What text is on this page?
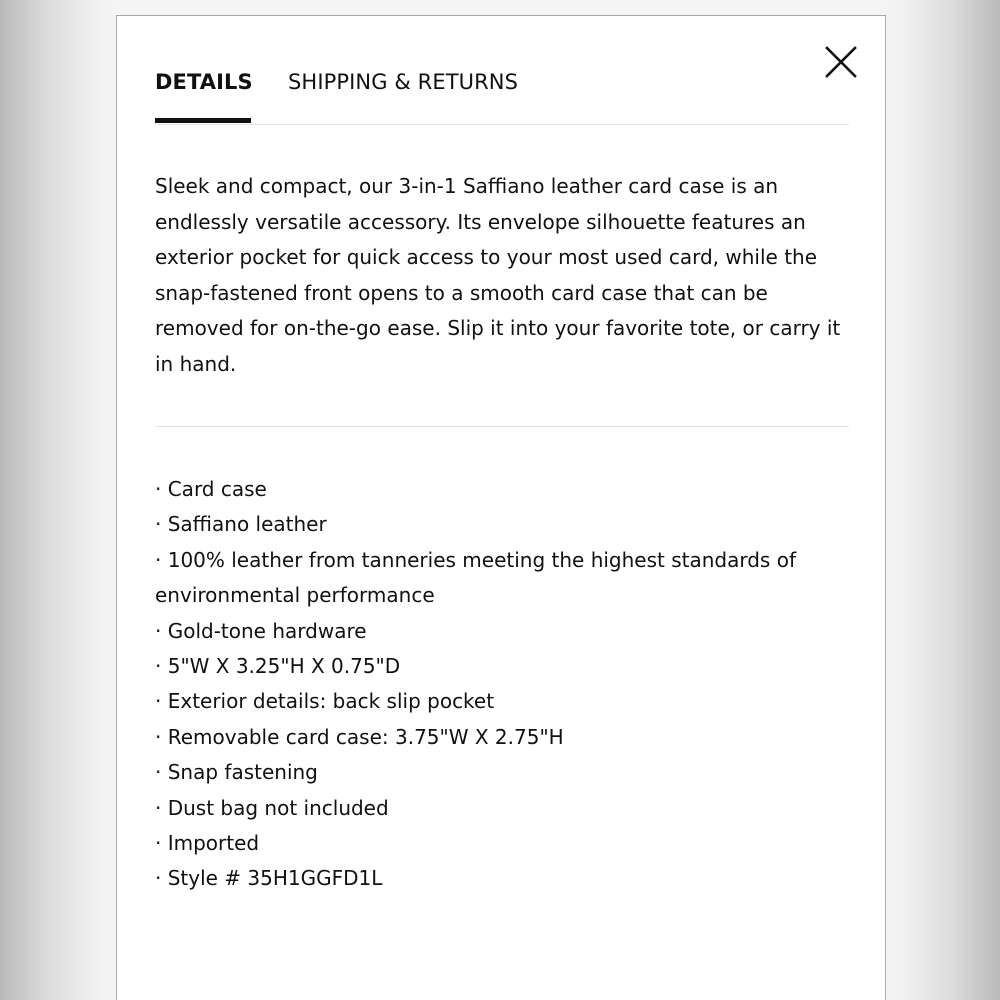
DETAILS SHIPPING & RETURNS

Sleek and compact, our 3-in-1 Saffiano leather card case is an endlessly versatile accessory. Its envelope silhouette features an exterior pocket for quick access to your most used card, while the snap-fastened front opens to a smooth card case that can be removed for on-the-go ease. Slip it into your favorite tote, or carry it in hand.

· Card case
· Saffiano leather
· 100% leather from tanneries meeting the highest standards of environmental performance
· Gold-tone hardware
· 5"W X 3.25"H X 0.75"D
· Exterior details: back slip pocket
· Removable card case: 3.75"W X 2.75"H
· Snap fastening
· Dust bag not included
· Imported
· Style # 35H1GGFD1L
